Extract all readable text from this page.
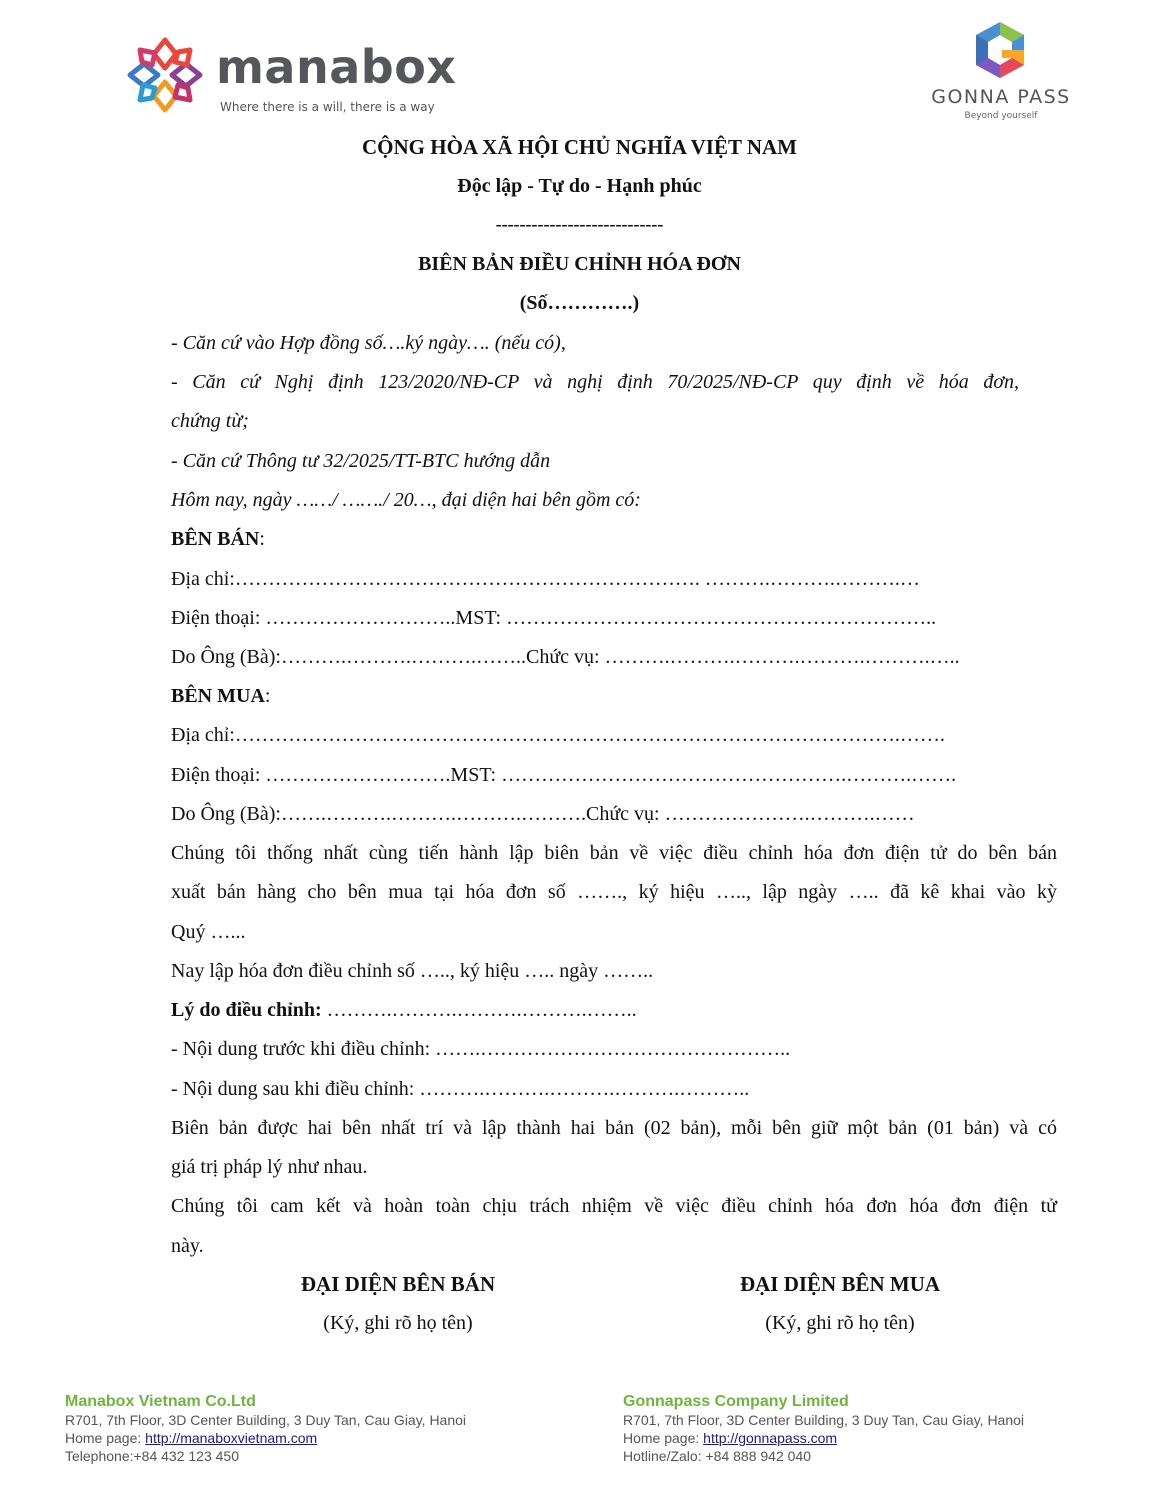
manabox
Where there is a will, there is a way	GONNA PASS
Beyond yourself
CỘNG HÒA XÃ HỘI CHỦ NGHĨA VIỆT NAM
Độc lập - Tự do - Hạnh phúc
----------------------------
BIÊN BẢN ĐIỀU CHỈNH HÓA ĐƠN
(Số………….)
- Căn cứ vào Hợp đồng số….ký ngày…. (nếu có),
- Căn cứ Nghị định 123/2020/NĐ-CP và nghị định 70/2025/NĐ-CP quy định về hóa đơn,
chứng từ;
- Căn cứ Thông tư 32/2025/TT-BTC hướng dẫn
Hôm nay, ngày ……/ ……./ 20…, đại diện hai bên gồm có:
BÊN BÁN:
Địa chỉ:……………………………………………………………. ……….……….……….…
Điện thoại: ………………………..MST: ………………………………………………………..
Do Ông (Bà):……….……….……….……..Chức vụ: ……….……….……….……….……….…..
BÊN MUA:
Địa chỉ:……………………………………………………………………………………….…….
Điện thoại: ……………………….MST: …………………………………………….……….…….
Do Ông (Bà):…….……….……….……….……….Chức vụ: ………………….……….……
Chúng tôi thống nhất cùng tiến hành lập biên bản về việc điều chỉnh hóa đơn điện tử do bên bán
xuất bán hàng cho bên mua tại hóa đơn số ……., ký hiệu ….., lập ngày ….. đã kê khai vào kỳ
Quý …...
Nay lập hóa đơn điều chỉnh số ….., ký hiệu ….. ngày ……..
Lý do điều chỉnh: ……….……….……….……….……..
- Nội dung trước khi điều chỉnh: …….………………………………………..
- Nội dung sau khi điều chỉnh: ……….……….……….……….………..
Biên bản được hai bên nhất trí và lập thành hai bản (02 bản), mỗi bên giữ một bản (01 bản) và có
giá trị pháp lý như nhau.
Chúng tôi cam kết và hoàn toàn chịu trách nhiệm về việc điều chỉnh hóa đơn hóa đơn điện tử
này.
ĐẠI DIỆN BÊN BÁN	ĐẠI DIỆN BÊN MUA
(Ký, ghi rõ họ tên)	(Ký, ghi rõ họ tên)
Manabox Vietnam Co.Ltd
R701, 7th Floor, 3D Center Building, 3 Duy Tan, Cau Giay, Hanoi
Home page: http://manaboxvietnam.com
Telephone:+84 432 123 450
Gonnapass Company Limited
R701, 7th Floor, 3D Center Building, 3 Duy Tan, Cau Giay, Hanoi
Home page: http://gonnapass.com
Hotline/Zalo: +84 888 942 040
